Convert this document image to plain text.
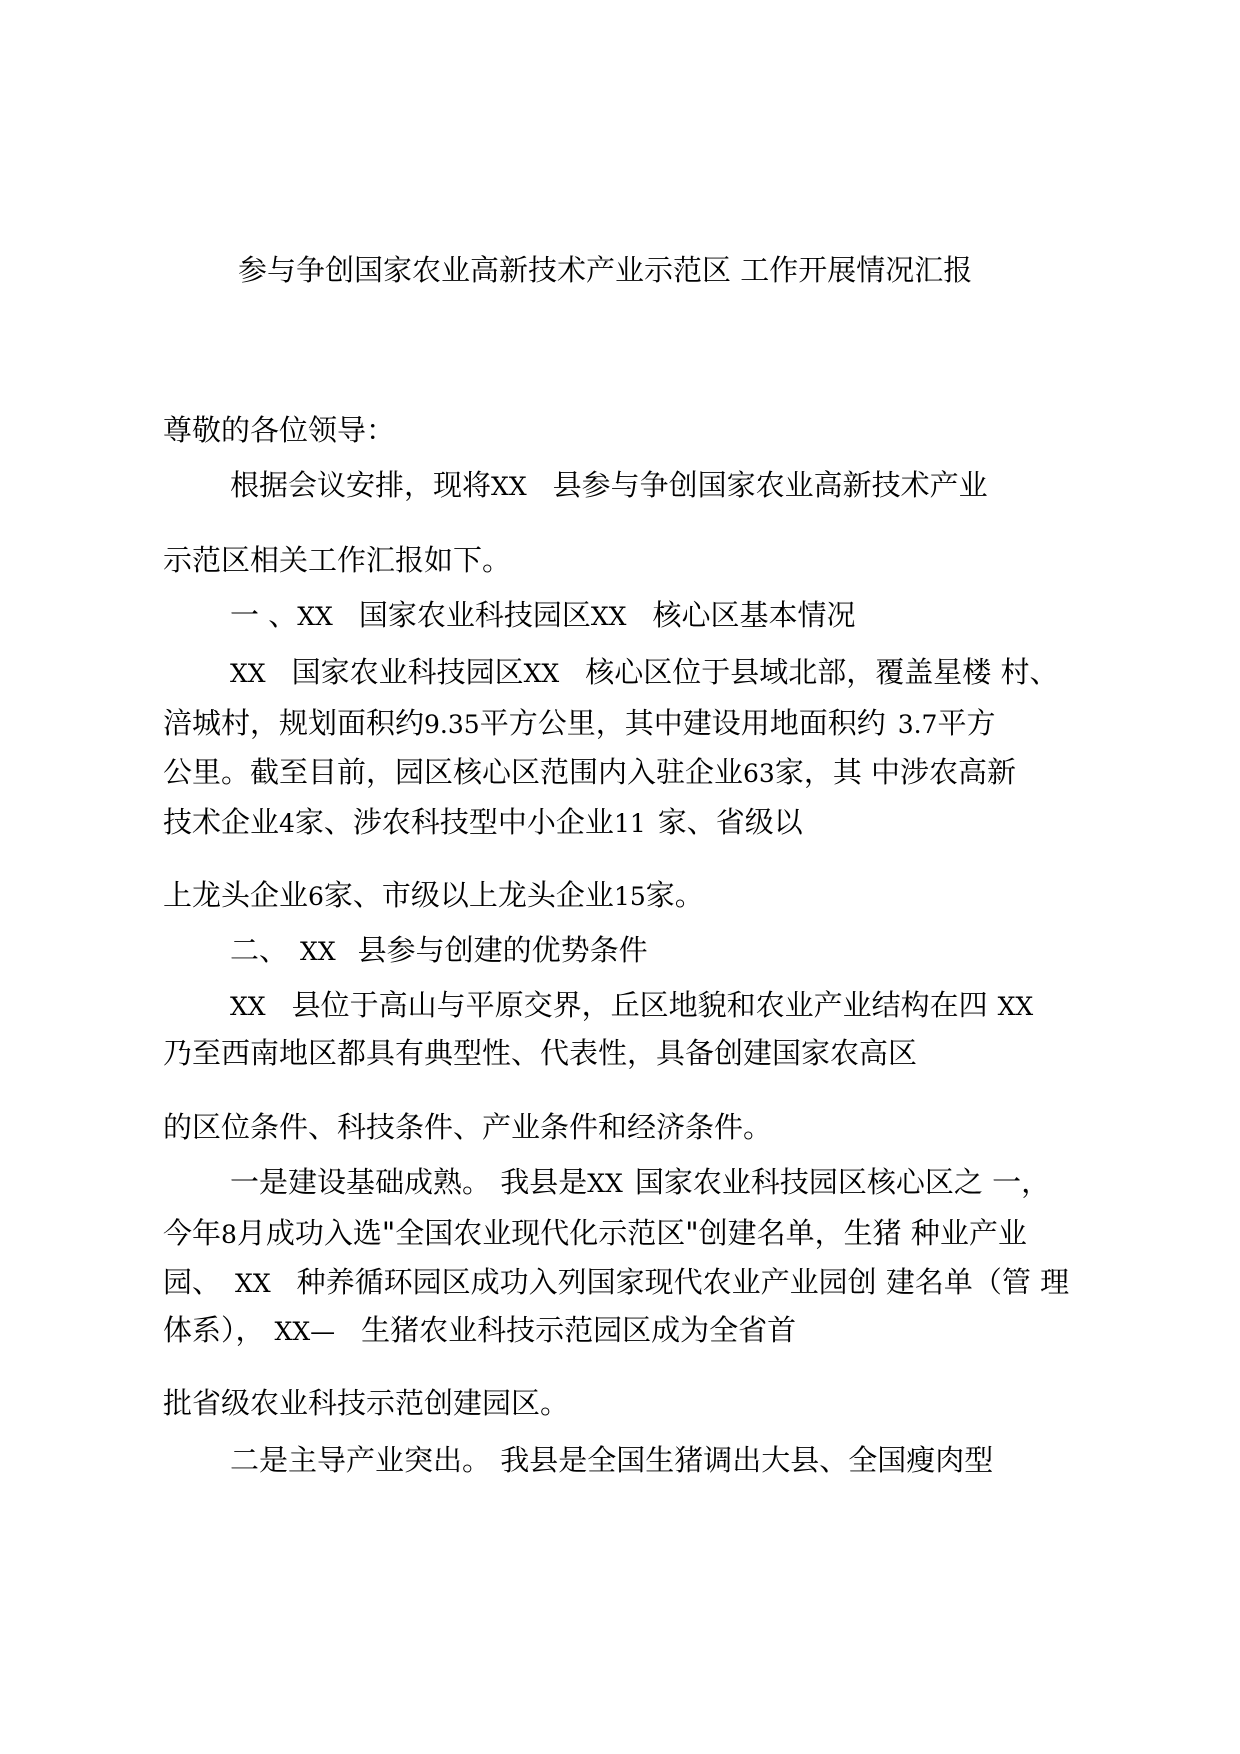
参与争创国家农业高新技术产业示范区 工作开展情况汇报
尊敬的各位领导：
根据会议安排，现将XX 县参与争创国家农业高新技术产业
示范区相关工作汇报如下。
一 、XX 国家农业科技园区XX 核心区基本情况
XX 国家农业科技园区XX 核心区位于县域北部，覆盖星楼 村、
涪城村，规划面积约9.35平方公里，其中建设用地面积约 3.7平方
公里。截至目前，园区核心区范围内入驻企业63家，其 中涉农高新
技术企业4家、涉农科技型中小企业11 家、省级以
上龙头企业6家、市级以上龙头企业15家。
二、 XX 县参与创建的优势条件
XX 县位于高山与平原交界，丘区地貌和农业产业结构在四 XX
乃至西南地区都具有典型性、代表性，具备创建国家农高区
的区位条件、科技条件、产业条件和经济条件。
一是建设基础成熟。 我县是XX 国家农业科技园区核心区之 一，
今年8月成功入选"全国农业现代化示范区"创建名单，生猪 种业产业
园、 XX 种养循环园区成功入列国家现代农业产业园创 建名单（管 理
体系）， XX— 生猪农业科技示范园区成为全省首
批省级农业科技示范创建园区。
二是主导产业突出。 我县是全国生猪调出大县、全国瘦肉型
